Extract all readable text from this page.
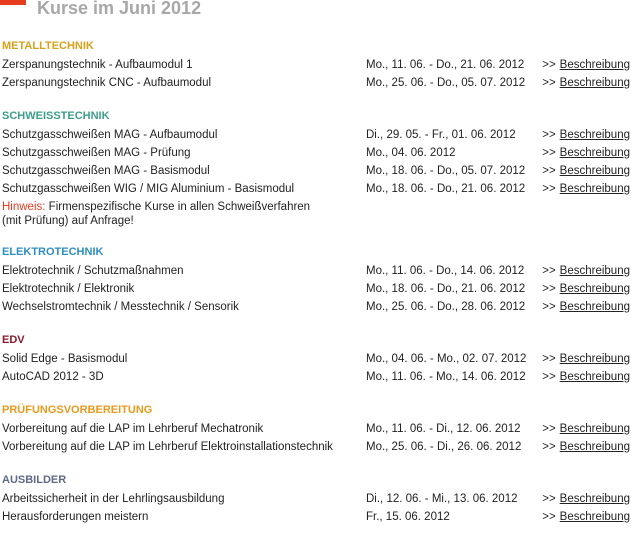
Kurse im Juni 2012
METALLTECHNIK
Zerspanungstechnik - Aufbaumodul 1	Mo., 11. 06. - Do., 21. 06. 2012 >> Beschreibung
Zerspanungstechnik CNC - Aufbaumodul	Mo., 25. 06. - Do., 05. 07. 2012 >> Beschreibung
SCHWEISSTECHNIK
Schutzgasschweißen MAG - Aufbaumodul	Di., 29. 05. - Fr., 01. 06. 2012 >> Beschreibung
Schutzgasschweißen MAG - Prüfung	Mo., 04. 06. 2012	>> Beschreibung
Schutzgasschweißen MAG - Basismodul	Mo., 18. 06. - Do., 05. 07. 2012 >> Beschreibung
Schutzgasschweißen WIG / MIG Aluminium - Basismodul	Mo., 18. 06. - Do., 21. 06. 2012 >> Beschreibung
Hinweis: Firmenspezifische Kurse in allen Schweißverfahren
(mit Prüfung) auf Anfrage!
ELEKTROTECHNIK
Elektrotechnik / Schutzmaßnahmen	Mo., 11. 06. - Do., 14. 06. 2012 >> Beschreibung
Elektrotechnik / Elektronik	Mo., 18. 06. - Do., 21. 06. 2012 >> Beschreibung
Wechselstromtechnik / Messtechnik / Sensorik	Mo., 25. 06. - Do., 28. 06. 2012 >> Beschreibung
EDV
Solid Edge - Basismodul	Mo., 04. 06. - Mo., 02. 07. 2012 >> Beschreibung
AutoCAD 2012 - 3D	Mo., 11. 06. - Mo., 14. 06. 2012 >> Beschreibung
PRÜFUNGSVORBEREITUNG
Vorbereitung auf die LAP im Lehrberuf Mechatronik	Mo., 11. 06. - Di., 12. 06. 2012 >> Beschreibung
Vorbereitung auf die LAP im Lehrberuf Elektroinstallationstechnik	Mo., 25. 06. - Di., 26. 06. 2012 >> Beschreibung
AUSBILDER
Arbeitssicherheit in der Lehrlingsausbildung	Di., 12. 06. - Mi., 13. 06. 2012 >> Beschreibung
Herausforderungen meistern	Fr., 15. 06. 2012	>> Beschreibung
